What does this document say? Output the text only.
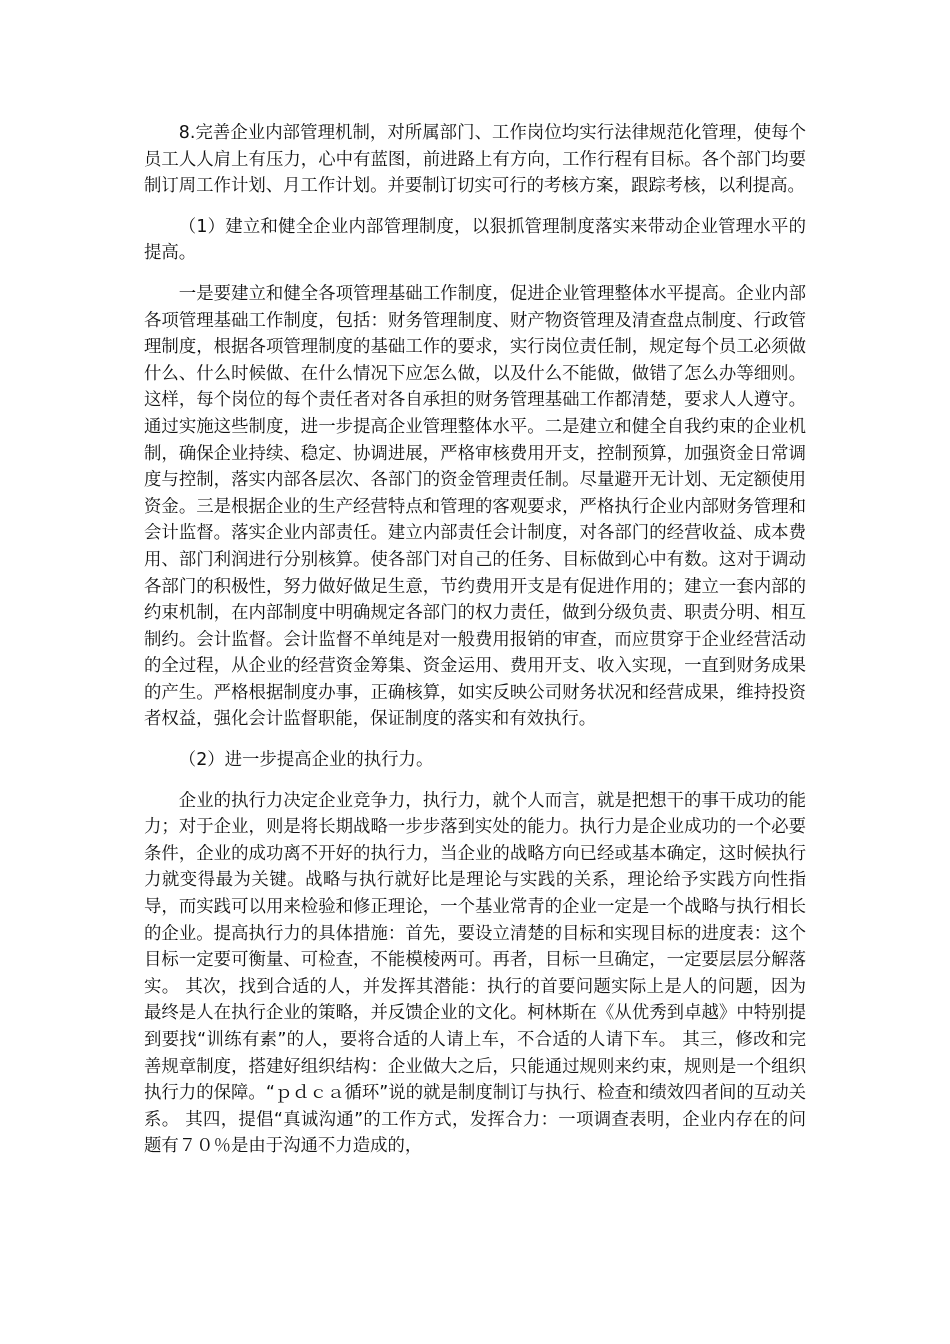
8.完善企业内部管理机制，对所属部门、工作岗位均实行法律规范化管理，使每个员工人人肩上有压力，心中有蓝图，前进路上有方向，工作行程有目标。各个部门均要制订周工作计划、月工作计划。并要制订切实可行的考核方案，跟踪考核，以利提高。

（1）建立和健全企业内部管理制度，以狠抓管理制度落实来带动企业管理水平的提高。

一是要建立和健全各项管理基础工作制度，促进企业管理整体水平提高。企业内部各项管理基础工作制度，包括：财务管理制度、财产物资管理及清查盘点制度、行政管理制度，根据各项管理制度的基础工作的要求，实行岗位责任制，规定每个员工必须做什么、什么时候做、在什么情况下应怎么做，以及什么不能做，做错了怎么办等细则。这样，每个岗位的每个责任者对各自承担的财务管理基础工作都清楚，要求人人遵守。通过实施这些制度，进一步提高企业管理整体水平。二是建立和健全自我约束的企业机制，确保企业持续、稳定、协调进展，严格审核费用开支，控制预算，加强资金日常调度与控制，落实内部各层次、各部门的资金管理责任制。尽量避开无计划、无定额使用资金。三是根据企业的生产经营特点和管理的客观要求，严格执行企业内部财务管理和会计监督。落实企业内部责任。建立内部责任会计制度，对各部门的经营收益、成本费用、部门利润进行分别核算。使各部门对自己的任务、目标做到心中有数。这对于调动各部门的积极性，努力做好做足生意，节约费用开支是有促进作用的；建立一套内部的约束机制，在内部制度中明确规定各部门的权力责任，做到分级负责、职责分明、相互制约。会计监督。会计监督不单纯是对一般费用报销的审查，而应贯穿于企业经营活动的全过程，从企业的经营资金筹集、资金运用、费用开支、收入实现，一直到财务成果的产生。严格根据制度办事，正确核算，如实反映公司财务状况和经营成果，维持投资者权益，强化会计监督职能，保证制度的落实和有效执行。

（2）进一步提高企业的执行力。

企业的执行力决定企业竞争力，执行力，就个人而言，就是把想干的事干成功的能力；对于企业，则是将长期战略一步步落到实处的能力。执行力是企业成功的一个必要条件，企业的成功离不开好的执行力，当企业的战略方向已经或基本确定，这时候执行力就变得最为关键。战略与执行就好比是理论与实践的关系，理论给予实践方向性指导，而实践可以用来检验和修正理论，一个基业常青的企业一定是一个战略与执行相长的企业。提高执行力的具体措施：首先，要设立清楚的目标和实现目标的进度表：这个目标一定要可衡量、可检查，不能模棱两可。再者，目标一旦确定，一定要层层分解落实。 其次，找到合适的人，并发挥其潜能：执行的首要问题实际上是人的问题，因为最终是人在执行企业的策略，并反馈企业的文化。柯林斯在《从优秀到卓越》中特别提到要找“训练有素”的人，要将合适的人请上车，不合适的人请下车。 其三，修改和完善规章制度，搭建好组织结构：企业做大之后，只能通过规则来约束，规则是一个组织执行力的保障。“ｐｄｃａ循环”说的就是制度制订与执行、检查和绩效四者间的互动关系。 其四，提倡“真诚沟通”的工作方式，发挥合力：一项调查表明，企业内存在的问题有７０％是由于沟通不力造成的，
